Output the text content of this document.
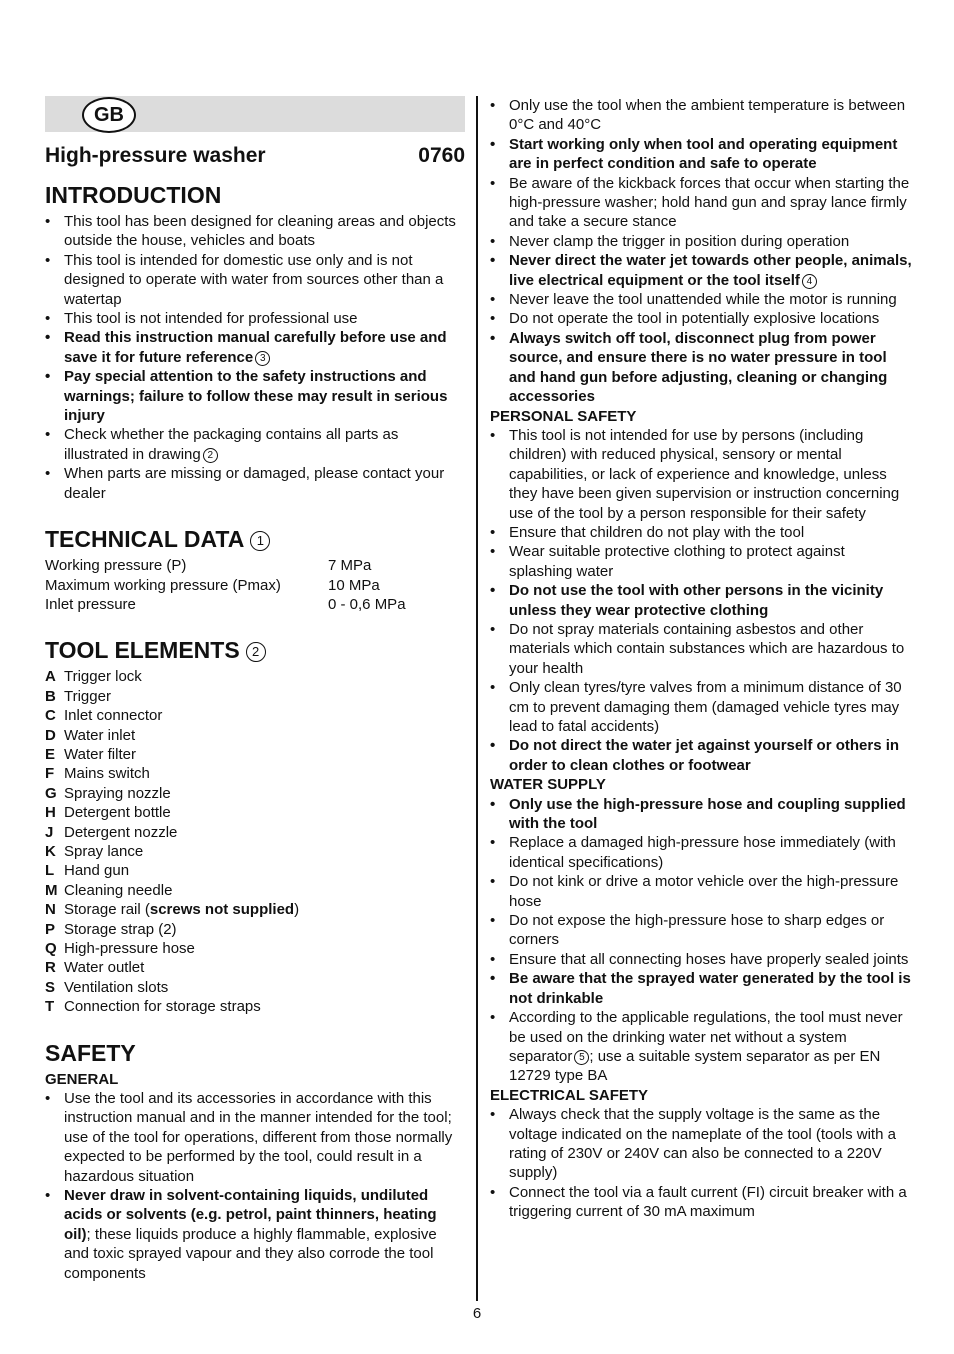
GB
High-pressure washer	0760
INTRODUCTION
• This tool has been designed for cleaning areas and objects outside the house, vehicles and boats
• This tool is intended for domestic use only and is not designed to operate with water from sources other than a watertap
• This tool is not intended for professional use
• Read this instruction manual carefully before use and save it for future reference 3
• Pay special attention to the safety instructions and warnings; failure to follow these may result in serious injury
• Check whether the packaging contains all parts as illustrated in drawing 2
• When parts are missing or damaged, please contact your dealer
TECHNICAL DATA 1
Working pressure (P)	7 MPa
Maximum working pressure (Pmax)	10 MPa
Inlet pressure	0 - 0,6 MPa
TOOL ELEMENTS 2
A Trigger lock
B Trigger
C Inlet connector
D Water inlet
E Water filter
F Mains switch
G Spraying nozzle
H Detergent bottle
J Detergent nozzle
K Spray lance
L Hand gun
M Cleaning needle
N Storage rail (screws not supplied)
P Storage strap (2)
Q High-pressure hose
R Water outlet
S Ventilation slots
T Connection for storage straps
SAFETY
GENERAL
• Use the tool and its accessories in accordance with this instruction manual and in the manner intended for the tool; use of the tool for operations, different from those normally expected to be performed by the tool, could result in a hazardous situation
• Never draw in solvent-containing liquids, undiluted acids or solvents (e.g. petrol, paint thinners, heating oil); these liquids produce a highly flammable, explosive and toxic sprayed vapour and they also corrode the tool components
• Only use the tool when the ambient temperature is between 0°C and 40°C
• Start working only when tool and operating equipment are in perfect condition and safe to operate
• Be aware of the kickback forces that occur when starting the high-pressure washer; hold hand gun and spray lance firmly and take a secure stance
• Never clamp the trigger in position during operation
• Never direct the water jet towards other people, animals, live electrical equipment or the tool itself 4
• Never leave the tool unattended while the motor is running
• Do not operate the tool in potentially explosive locations
• Always switch off tool, disconnect plug from power source, and ensure there is no water pressure in tool and hand gun before adjusting, cleaning or changing accessories
PERSONAL SAFETY
• This tool is not intended for use by persons (including children) with reduced physical, sensory or mental capabilities, or lack of experience and knowledge, unless they have been given supervision or instruction concerning use of the tool by a person responsible for their safety
• Ensure that children do not play with the tool
• Wear suitable protective clothing to protect against splashing water
• Do not use the tool with other persons in the vicinity unless they wear protective clothing
• Do not spray materials containing asbestos and other materials which contain substances which are hazardous to your health
• Only clean tyres/tyre valves from a minimum distance of 30 cm to prevent damaging them (damaged vehicle tyres may lead to fatal accidents)
• Do not direct the water jet against yourself or others in order to clean clothes or footwear
WATER SUPPLY
• Only use the high-pressure hose and coupling supplied with the tool
• Replace a damaged high-pressure hose immediately (with identical specifications)
• Do not kink or drive a motor vehicle over the high-pressure hose
• Do not expose the high-pressure hose to sharp edges or corners
• Ensure that all connecting hoses have properly sealed joints
• Be aware that the sprayed water generated by the tool is not drinkable
• According to the applicable regulations, the tool must never be used on the drinking water net without a system separator 5 ; use a suitable system separator as per EN 12729 type BA
ELECTRICAL SAFETY
• Always check that the supply voltage is the same as the voltage indicated on the nameplate of the tool (tools with a rating of 230V or 240V can also be connected to a 220V supply)
• Connect the tool via a fault current (FI) circuit breaker with a triggering current of 30 mA maximum
6
